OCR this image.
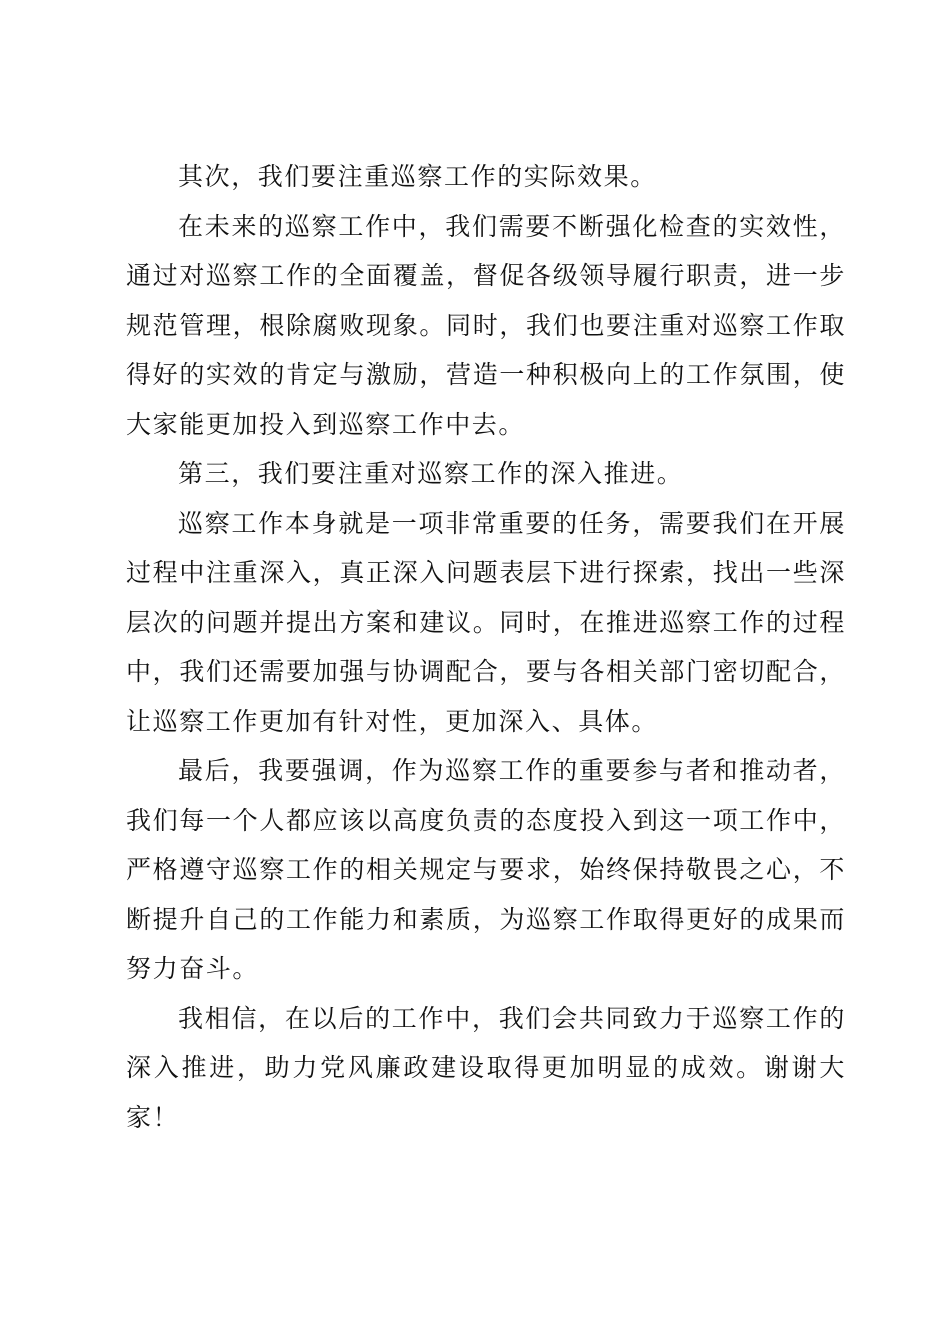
其次，我们要注重巡察工作的实际效果。

在未来的巡察工作中，我们需要不断强化检查的实效性，通过对巡察工作的全面覆盖，督促各级领导履行职责，进一步规范管理，根除腐败现象。同时，我们也要注重对巡察工作取得好的实效的肯定与激励，营造一种积极向上的工作氛围，使大家能更加投入到巡察工作中去。

第三，我们要注重对巡察工作的深入推进。

巡察工作本身就是一项非常重要的任务，需要我们在开展过程中注重深入，真正深入问题表层下进行探索，找出一些深层次的问题并提出方案和建议。同时，在推进巡察工作的过程中，我们还需要加强与协调配合，要与各相关部门密切配合，让巡察工作更加有针对性，更加深入、具体。

最后，我要强调，作为巡察工作的重要参与者和推动者，我们每一个人都应该以高度负责的态度投入到这一项工作中，严格遵守巡察工作的相关规定与要求，始终保持敬畏之心，不断提升自己的工作能力和素质，为巡察工作取得更好的成果而努力奋斗。

我相信，在以后的工作中，我们会共同致力于巡察工作的深入推进，助力党风廉政建设取得更加明显的成效。谢谢大家！
